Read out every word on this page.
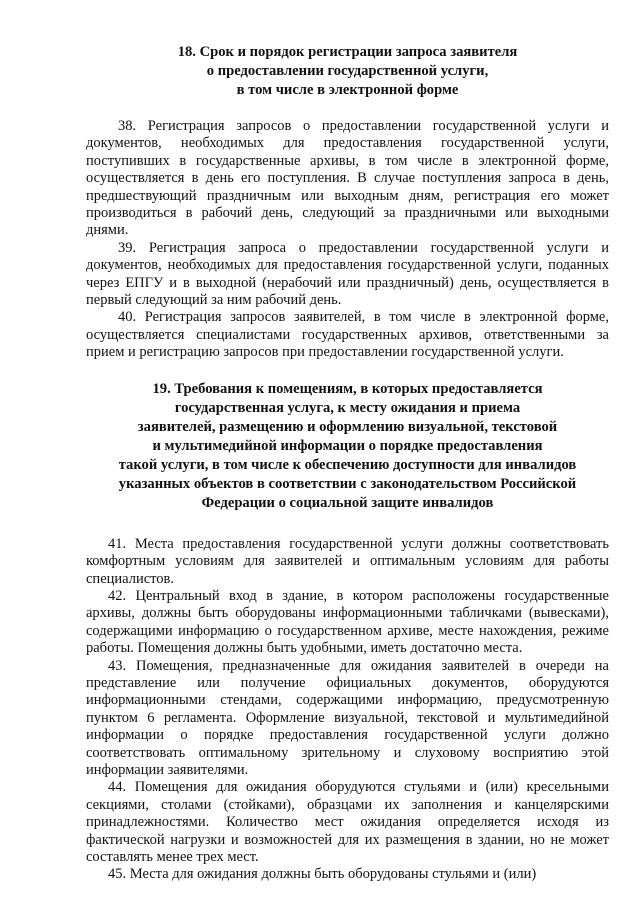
18. Срок и порядок регистрации запроса заявителя
о предоставлении государственной услуги,
в том числе в электронной форме

38. Регистрация запросов о предоставлении государственной услуги и документов, необходимых для предоставления государственной услуги, поступивших в государственные архивы, в том числе в электронной форме, осуществляется в день его поступления. В случае поступления запроса в день, предшествующий праздничным или выходным дням, регистрация его может производиться в рабочий день, следующий за праздничными или выходными днями.

39. Регистрация запроса о предоставлении государственной услуги и документов, необходимых для предоставления государственной услуги, поданных через ЕПГУ и в выходной (нерабочий или праздничный) день, осуществляется в первый следующий за ним рабочий день.

40. Регистрация запросов заявителей, в том числе в электронной форме, осуществляется специалистами государственных архивов, ответственными за прием и регистрацию запросов при предоставлении государственной услуги.

19. Требования к помещениям, в которых предоставляется
государственная услуга, к месту ожидания и приема
заявителей, размещению и оформлению визуальной, текстовой
и мультимедийной информации о порядке предоставления
такой услуги, в том числе к обеспечению доступности для инвалидов
указанных объектов в соответствии с законодательством Российской
Федерации о социальной защите инвалидов

41. Места предоставления государственной услуги должны соответствовать комфортным условиям для заявителей и оптимальным условиям для работы специалистов.

42. Центральный вход в здание, в котором расположены государственные архивы, должны быть оборудованы информационными табличками (вывесками), содержащими информацию о государственном архиве, месте нахождения, режиме работы. Помещения должны быть удобными, иметь достаточно места.

43. Помещения, предназначенные для ожидания заявителей в очереди на представление или получение официальных документов, оборудуются информационными стендами, содержащими информацию, предусмотренную пунктом 6 регламента. Оформление визуальной, текстовой и мультимедийной информации о порядке предоставления государственной услуги должно соответствовать оптимальному зрительному и слуховому восприятию этой информации заявителями.

44. Помещения для ожидания оборудуются стульями и (или) кресельными секциями, столами (стойками), образцами их заполнения и канцелярскими принадлежностями. Количество мест ожидания определяется исходя из фактической нагрузки и возможностей для их размещения в здании, но не может составлять менее трех мест.

45. Места для ожидания должны быть оборудованы стульями и (или)
